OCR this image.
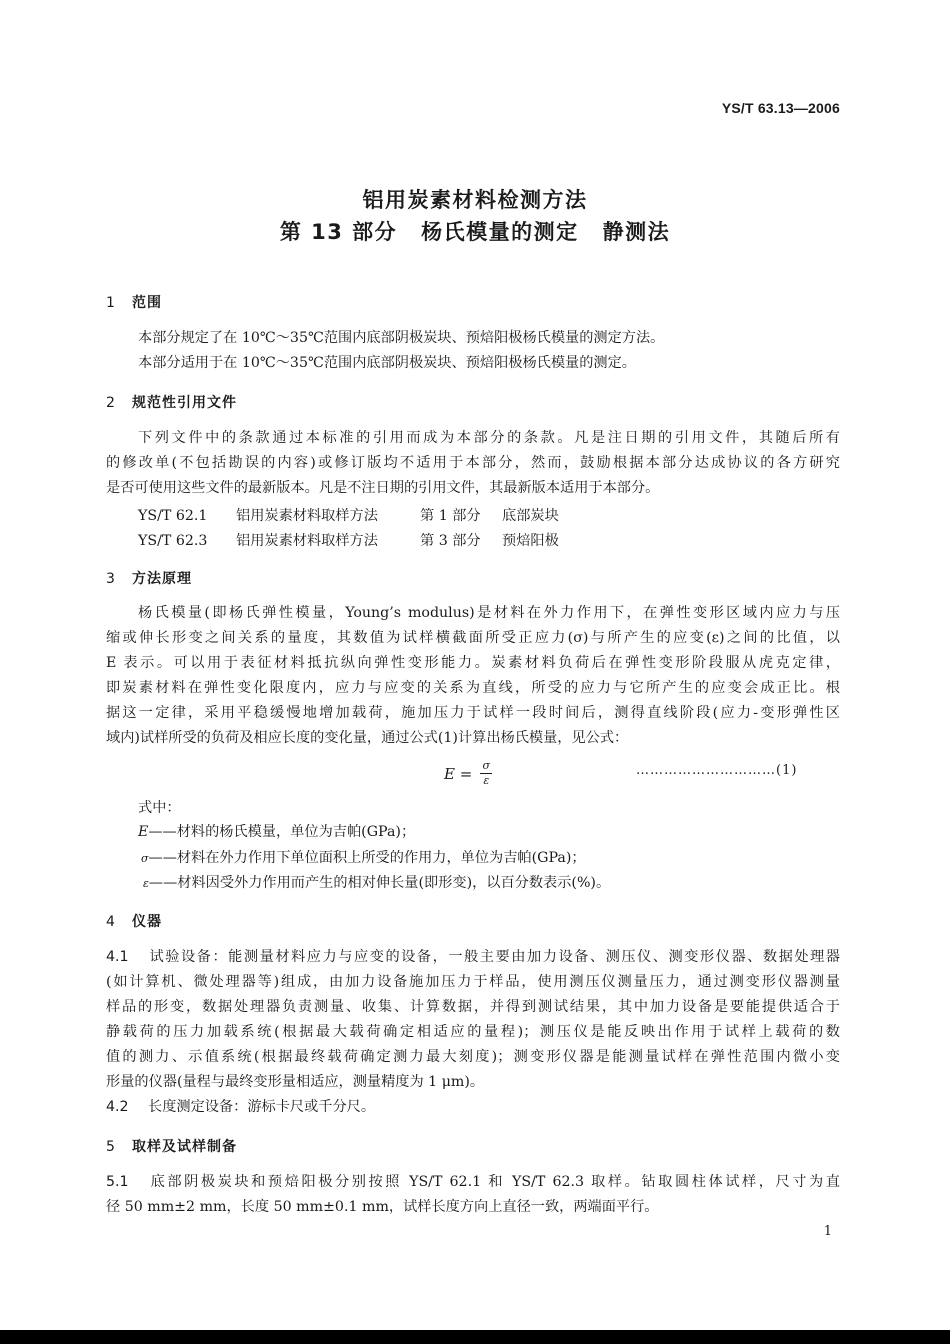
YS/T 63.13—2006
铝用炭素材料检测方法
第 13 部分 杨氏模量的测定 静测法
1 范围
本部分规定了在 10℃～35℃范围内底部阴极炭块、预焙阳极杨氏模量的测定方法。
本部分适用于在 10℃～35℃范围内底部阴极炭块、预焙阳极杨氏模量的测定。
2 规范性引用文件
下列文件中的条款通过本标准的引用而成为本部分的条款。凡是注日期的引用文件，其随后所有
的修改单(不包括勘误的内容)或修订版均不适用于本部分，然而，鼓励根据本部分达成协议的各方研究
是否可使用这些文件的最新版本。凡是不注日期的引用文件，其最新版本适用于本部分。
YS/T 62.1 铝用炭素材料取样方法	第 1 部分 底部炭块
YS/T 62.3 铝用炭素材料取样方法	第 3 部分 预焙阳极
3 方法原理
杨氏模量(即杨氏弹性模量，Young’s modulus)是材料在外力作用下，在弹性变形区域内应力与压
缩或伸长形变之间关系的量度，其数值为试样横截面所受正应力(σ)与所产生的应变(ε)之间的比值，以
E 表示。可以用于表征材料抵抗纵向弹性变形能力。炭素材料负荷后在弹性变形阶段服从虎克定律，
即炭素材料在弹性变化限度内，应力与应变的关系为直线，所受的应力与它所产生的应变会成正比。根
据这一定律，采用平稳缓慢地增加载荷，施加压力于试样一段时间后，测得直线阶段(应力-变形弹性区
域内)试样所受的负荷及相应长度的变化量，通过公式(1)计算出杨氏模量，见公式：
$E = \frac{\sigma}{\varepsilon}$	…………………………(1)
式中：
E——材料的杨氏模量，单位为吉帕(GPa)；
σ——材料在外力作用下单位面积上所受的作用力，单位为吉帕(GPa)；
ε——材料因受外力作用而产生的相对伸长量(即形变)，以百分数表示(%)。
4 仪器
4.1 试验设备：能测量材料应力与应变的设备，一般主要由加力设备、测压仪、测变形仪器、数据处理器
(如计算机、微处理器等)组成，由加力设备施加压力于样品，使用测压仪测量压力，通过测变形仪器测量
样品的形变，数据处理器负责测量、收集、计算数据，并得到测试结果，其中加力设备是要能提供适合于
静载荷的压力加载系统(根据最大载荷确定相适应的量程)；测压仪是能反映出作用于试样上载荷的数
值的测力、示值系统(根据最终载荷确定测力最大刻度)；测变形仪器是能测量试样在弹性范围内微小变
形量的仪器(量程与最终变形量相适应，测量精度为 1 μm)。
4.2 长度测定设备：游标卡尺或千分尺。
5 取样及试样制备
5.1 底部阴极炭块和预焙阳极分别按照 YS/T 62.1 和 YS/T 62.3 取样。钻取圆柱体试样，尺寸为直
径 50 mm±2 mm，长度 50 mm±0.1 mm，试样长度方向上直径一致，两端面平行。
1
